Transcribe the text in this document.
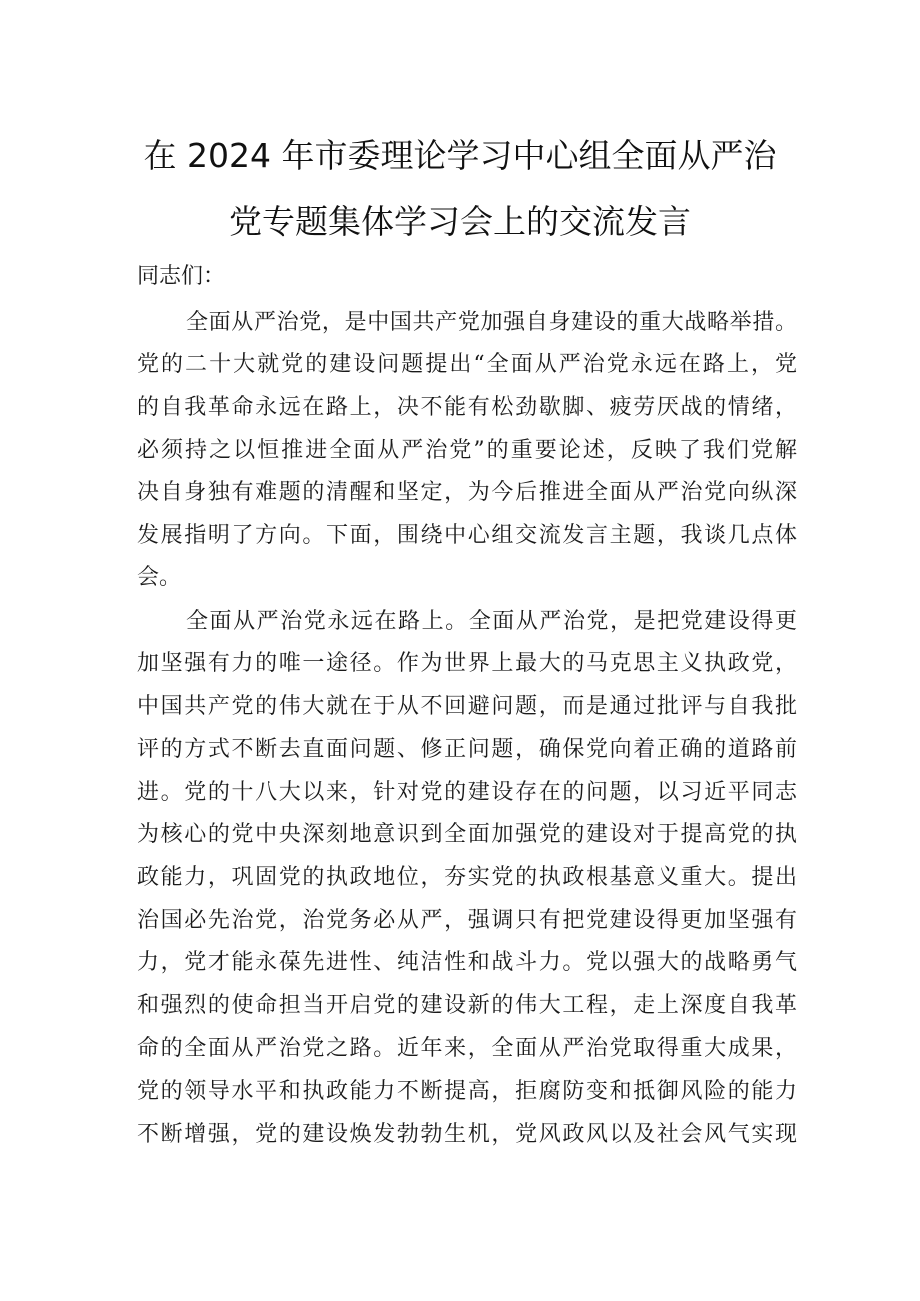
在 2024 年市委理论学习中心组全面从严治
党专题集体学习会上的交流发言
同志们：
全面从严治党，是中国共产党加强自身建设的重大战略举措。
党的二十大就党的建设问题提出“全面从严治党永远在路上，党
的自我革命永远在路上，决不能有松劲歇脚、疲劳厌战的情绪，
必须持之以恒推进全面从严治党”的重要论述，反映了我们党解
决自身独有难题的清醒和坚定，为今后推进全面从严治党向纵深
发展指明了方向。下面，围绕中心组交流发言主题，我谈几点体
会。
全面从严治党永远在路上。全面从严治党，是把党建设得更
加坚强有力的唯一途径。作为世界上最大的马克思主义执政党，
中国共产党的伟大就在于从不回避问题，而是通过批评与自我批
评的方式不断去直面问题、修正问题，确保党向着正确的道路前
进。党的十八大以来，针对党的建设存在的问题，以习近平同志
为核心的党中央深刻地意识到全面加强党的建设对于提高党的执
政能力，巩固党的执政地位，夯实党的执政根基意义重大。提出
治国必先治党，治党务必从严，强调只有把党建设得更加坚强有
力，党才能永葆先进性、纯洁性和战斗力。党以强大的战略勇气
和强烈的使命担当开启党的建设新的伟大工程，走上深度自我革
命的全面从严治党之路。近年来，全面从严治党取得重大成果，
党的领导水平和执政能力不断提高，拒腐防变和抵御风险的能力
不断增强，党的建设焕发勃勃生机，党风政风以及社会风气实现
